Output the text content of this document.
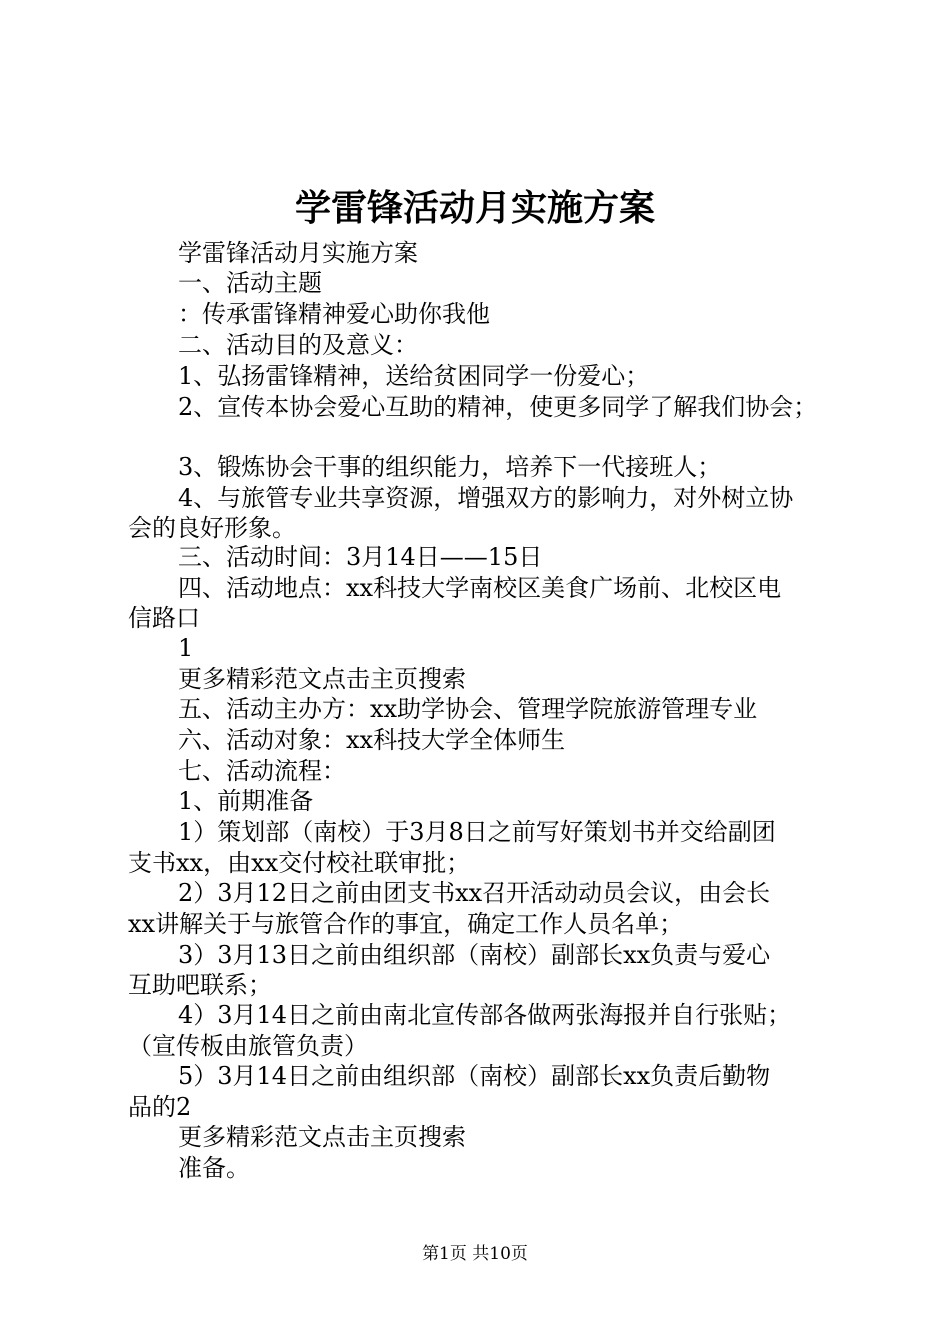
学雷锋活动月实施方案
学雷锋活动月实施方案
一、活动主题
：传承雷锋精神爱心助你我他
二、活动目的及意义：
1、弘扬雷锋精神，送给贫困同学一份爱心；
2、宣传本协会爱心互助的精神，使更多同学了解我们协会；
3、锻炼协会干事的组织能力，培养下一代接班人；
4、与旅管专业共享资源，增强双方的影响力，对外树立协
会的良好形象。
三、活动时间：3月14日——15日
四、活动地点：xx科技大学南校区美食广场前、北校区电
信路口
1
更多精彩范文点击主页搜索
五、活动主办方：xx助学协会、管理学院旅游管理专业
六、活动对象：xx科技大学全体师生
七、活动流程：
1、前期准备
1）策划部（南校）于3月8日之前写好策划书并交给副团
支书xx，由xx交付校社联审批；
2）3月12日之前由团支书xx召开活动动员会议，由会长
xx讲解关于与旅管合作的事宜，确定工作人员名单；
3）3月13日之前由组织部（南校）副部长xx负责与爱心
互助吧联系；
4）3月14日之前由南北宣传部各做两张海报并自行张贴；
（宣传板由旅管负责）
5）3月14日之前由组织部（南校）副部长xx负责后勤物
品的2
更多精彩范文点击主页搜索
准备。
第1页 共10页
